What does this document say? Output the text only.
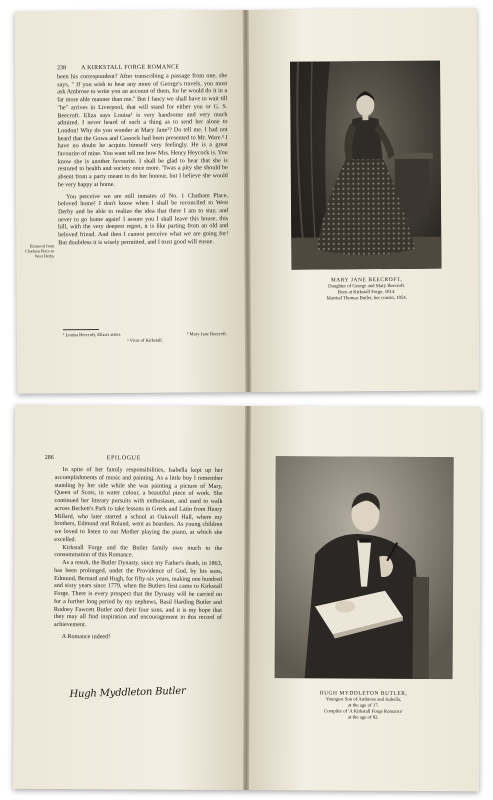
238 A KIRKSTALL FORGE ROMANCE

been his correspondent? After transcribing a passage from one, she says, " If you wish to hear any more of George's travels, you must ask Ambrose to write you an account of them, for he would do it in a far more able manner than me." But I fancy we shall have to wait till "he" arrives in Liverpool, that will stand for either you or G. S. Beecroft. Eliza says Louisa¹ is very handsome and very much admired. I never heard of such a thing as to send her alone to London! Why do you wonder at Mary Jane²? Do tell me. I had not heard that the Gowa and Cassock had been presented to Mr. Ware.³ I have no doubt he acquits himself very feelingly. He is a great favourite of mine. You want tell me how Mrs. Henry Heycock is. You know she is another favourite. I shall be glad to hear that she is restored to health and society once more. 'Twas a pity she should be absent from a party meant to do her honour, but I believe she would be very happy at home.

You perceive we are still inmates of No. 1 Chatham Place, beloved home! I don't know when I shall be reconciled to West Derby and be able to realize the idea that there I am to stay, and never to go home again! I assure you I shall leave this house, this hill, with the very deepest regret, it is like parting from an old and beloved friend. And then I cannot perceive what we are going for! But doubtless it is wisely permitted, and I trust good will ensue.

Removal from Chatham Place to West Derby
¹ Louisa Beecroft, Eliza's sister.	² Mary Jane Beecroft.
³ Vicar of Kirkstall.
MARY JANE BEECROFT,
Daughter of George and Mary Beecroft.
Born at Kirkstall Forge, 1814.
Married Thomas Butler, her cousin, 1854.
286	EPILOGUE

In spite of her family responsibilities, Isabella kept up her accomplishments of music and painting. As a little boy I remember standing by her side while she was painting a picture of Mary, Queen of Scots, in water colour, a beautiful piece of work. She continued her literary pursuits with enthusiasm, and used to walk across Beckett's Park to take lessons in Greek and Latin from Henry Millard, who later started a school at Oakwell Hall, where my brothers, Edmund and Roland, went as boarders. As young children we loved to listen to our Mother playing the piano, at which she excelled.

Kirkstall Forge and the Butler family owe much to the consummation of this Romance.

As a result, the Butler Dynasty, since my Father's death, in 1863, has been prolonged, under the Providence of God, by his sons, Edmund, Bernard and Hugh, for fifty-six years, making one hundred and sixty years since 1779, when the Butlers first came to Kirkstall Forge. There is every prospect that the Dynasty will be carried on for a further long period by my nephews, Basil Harding Butler and Rodney Fawcett Butler and their four sons, and it is my hope that they may all find inspiration and encouragement in this record of achievement.

A Romance indeed!

Hugh Myddleton Butler	HUGH MYDDLETON BUTLER,
Youngest Son of Ambrose and Isabella,
at the age of 17.
Compiler of 'A Kirkstall Forge Romance'
at the age of 82.
